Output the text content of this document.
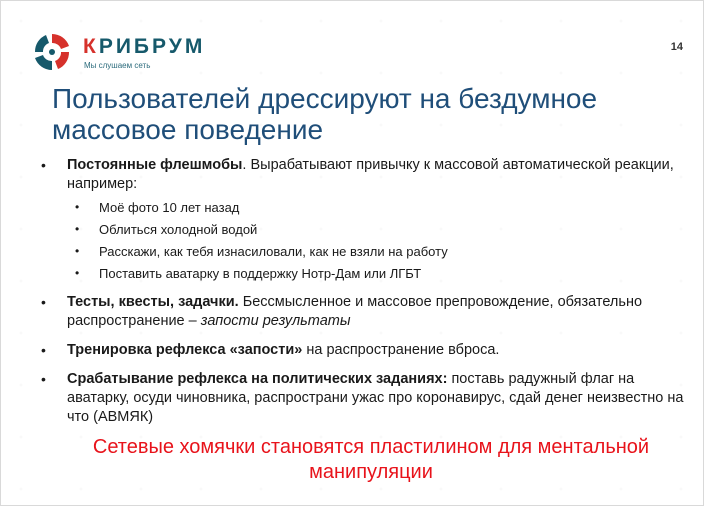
КРИБРУМ
Мы слушаем сеть
14
Пользователей дрессируют на бездумное массовое поведение
• Постоянные флешмобы. Вырабатывают привычку к массовой автоматической реакции, например:
• Моё фото 10 лет назад
• Облиться холодной водой
• Расскажи, как тебя изнасиловали, как не взяли на работу
• Поставить аватарку в поддержку Нотр-Дам или ЛГБТ
• Тесты, квесты, задачки. Бессмысленное и массовое препровождение, обязательно распространение – запости результаты
• Тренировка рефлекса «запости» на распространение вброса.
• Срабатывание рефлекса на политических заданиях: поставь радужный флаг на аватарку, осуди чиновника, распространи ужас про коронавирус, сдай денег неизвестно на что (АВМЯК)
Сетевые хомячки становятся пластилином для ментальной манипуляции
